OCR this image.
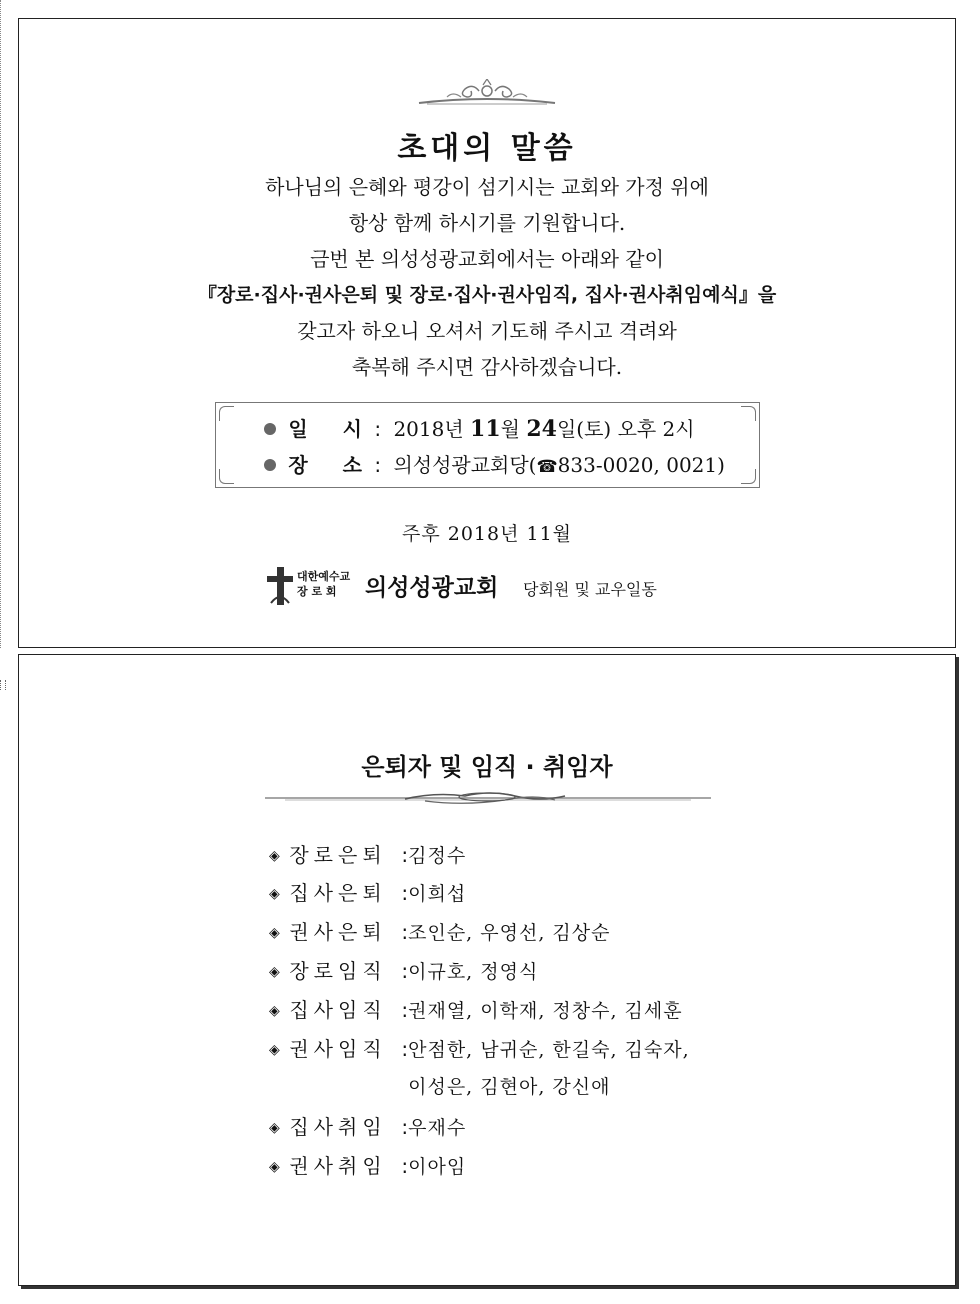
초대의 말씀
하나님의 은혜와 평강이 섬기시는 교회와 가정 위에
항상 함께 하시기를 기원합니다.
금번 본 의성성광교회에서는 아래와 같이
『장로·집사·권사은퇴 및 장로·집사·권사임직, 집사·권사취임예식』을
갖고자 하오니 오셔서 기도해 주시고 격려와
축복해 주시면 감사하겠습니다.
일 시 : 2018년 11월 24일(토) 오후 2시
장 소 : 의성성광교회당(☎833-0020, 0021)
주후 2018년 11월
대한예수교
장 로 회	의성성광교회 당회원 및 교우일동
은퇴자 및 임직 · 취임자
◈ 장로은퇴 :김정수
◈ 집사은퇴 :이희섭
◈ 권사은퇴 :조인순, 우영선, 김상순
◈ 장로임직 :이규호, 정영식
◈ 집사임직 :권재열, 이학재, 정창수, 김세훈
◈ 권사임직 :안점한, 남귀순, 한길숙, 김숙자,
이성은, 김현아, 강신애
◈ 집사취임 :우재수
◈ 권사취임 :이아임
